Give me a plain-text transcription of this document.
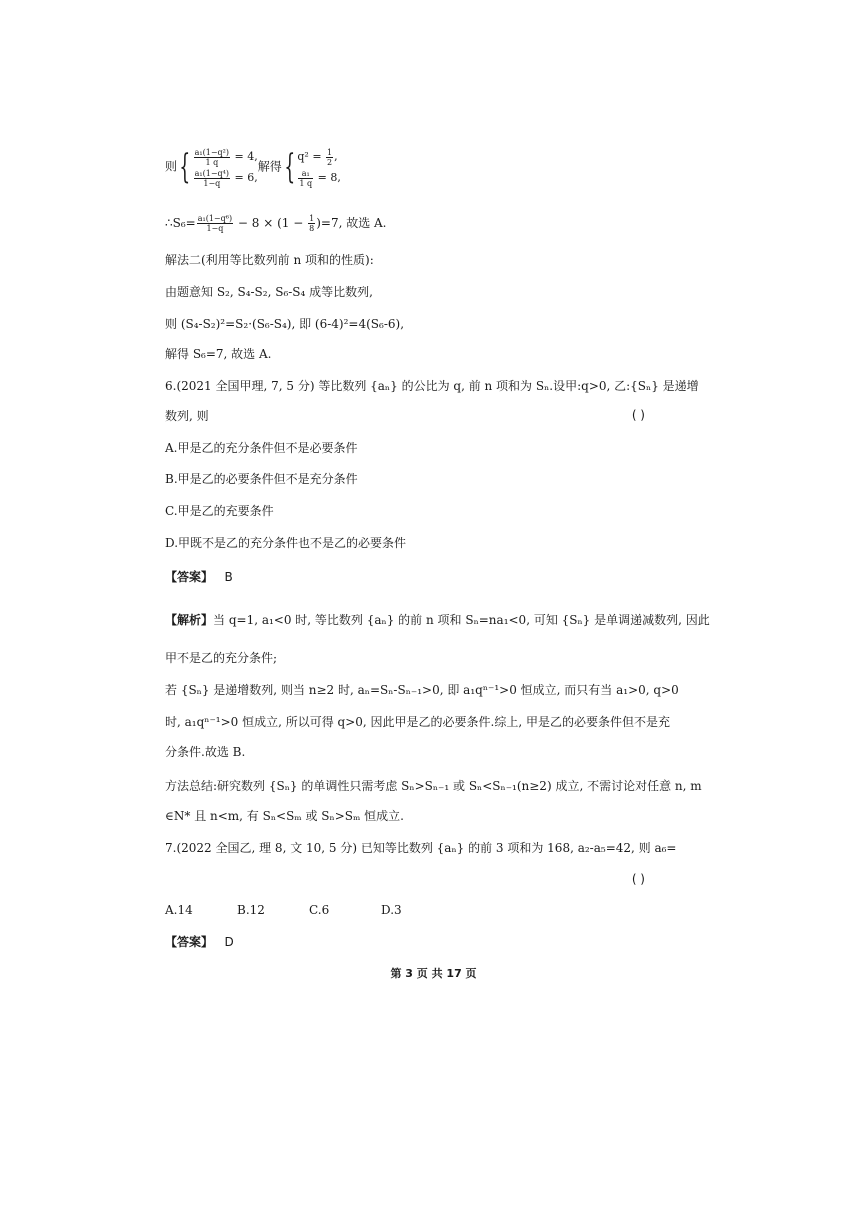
则{ $\frac{\text{a₁(1−q²)}}{1 q} = 4$,
$\frac{\text{a₁(1−q⁴)}}{1-q} = 6$,
解得{ $q^2 = \frac{1}{2}$ ,
$\frac{\text{a₁}}{1 q} = 8$,
∴S₆= $\frac{\text{a₁(1−q⁶)}}{1-q} - 8 \times (1 - \frac{1}{8} )=7$, 故选 A.
解法二(利用等比数列前 n 项和的性质):
由题意知 S₂, S₄-S₂, S₆-S₄ 成等比数列,
则 (S₄-S₂)²=S₂·(S₆-S₄), 即 (6-4)²=4(S₆-6),
解得 S₆=7, 故选 A.
6.(2021 全国甲理, 7, 5 分) 等比数列 {aₙ} 的公比为 q, 前 n 项和为 Sₙ.设甲:q>0, 乙:{Sₙ} 是递增
数列, 则	( )
A.甲是乙的充分条件但不是必要条件
B.甲是乙的必要条件但不是充分条件
C.甲是乙的充要条件
D.甲既不是乙的充分条件也不是乙的必要条件
【答案】 B
【解析】当 q=1, a₁<0 时, 等比数列 {aₙ} 的前 n 项和 Sₙ=na₁<0, 可知 {Sₙ} 是单调递减数列, 因此
甲不是乙的充分条件;
若 {Sₙ} 是递增数列, 则当 n≥2 时, aₙ=Sₙ-Sₙ₋₁>0, 即 a₁qⁿ⁻¹>0 恒成立, 而只有当 a₁>0, q>0
时, a₁qⁿ⁻¹>0 恒成立, 所以可得 q>0, 因此甲是乙的必要条件.综上, 甲是乙的必要条件但不是充
分条件.故选 B.
方法总结:研究数列 {Sₙ} 的单调性只需考虑 Sₙ>Sₙ₋₁ 或 Sₙ<Sₙ₋₁(n≥2) 成立, 不需讨论对任意 n, m
∈N* 且 n<m, 有 Sₙ<Sₘ 或 Sₙ>Sₘ 恒成立.
7.(2022 全国乙, 理 8, 文 10, 5 分) 已知等比数列 {aₙ} 的前 3 项和为 168, a₂-a₅=42, 则 a₆=
( )
A.14	B.12	C.6	D.3
【答案】 D
第 3 页 共 17 页
